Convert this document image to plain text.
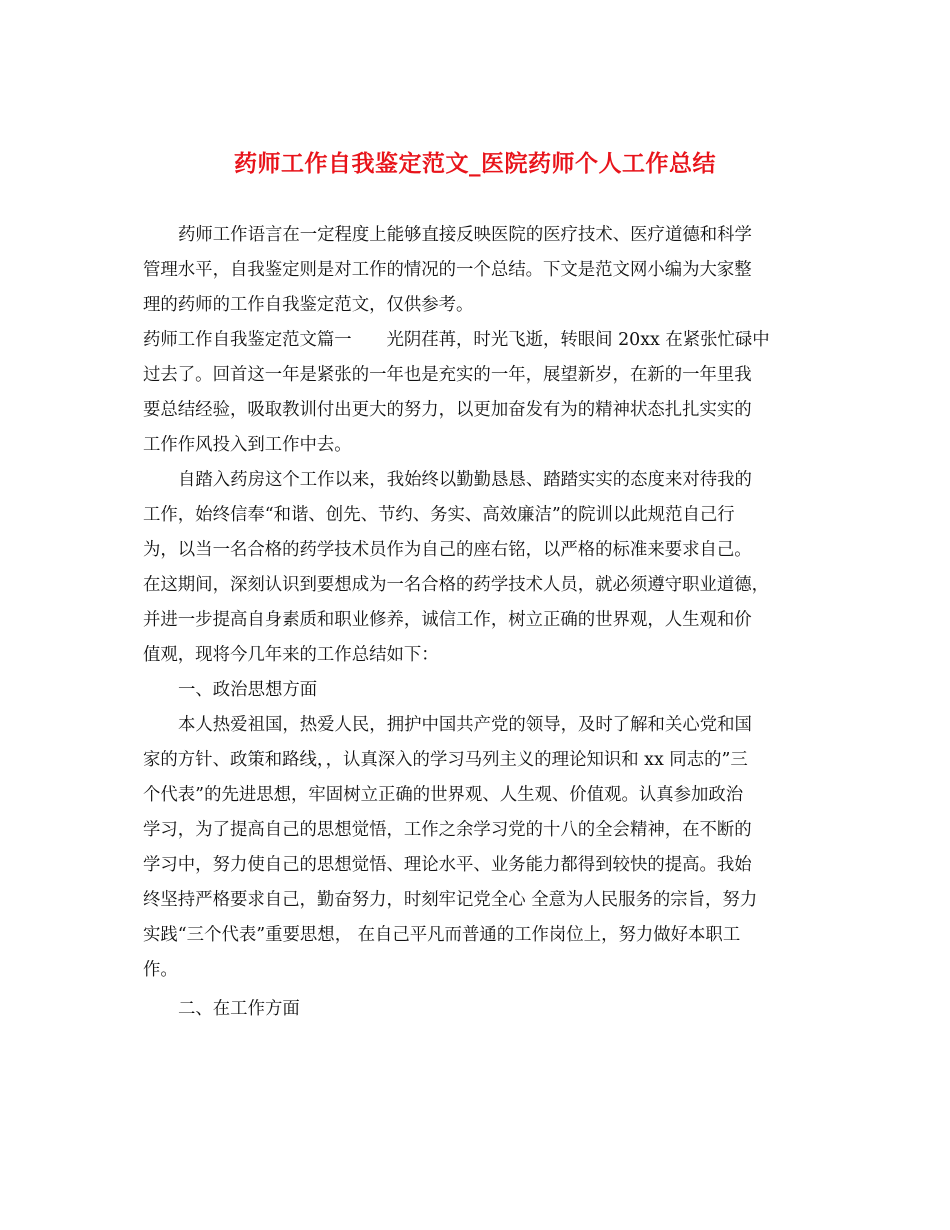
药师工作自我鉴定范文_医院药师个人工作总结
药师工作语言在一定程度上能够直接反映医院的医疗技术、医疗道德和科学
管理水平，自我鉴定则是对工作的情况的一个总结。下文是范文网小编为大家整
理的药师的工作自我鉴定范文，仅供参考。
药师工作自我鉴定范文篇一　　光阴荏苒，时光飞逝，转眼间 20xx 在紧张忙碌中
过去了。回首这一年是紧张的一年也是充实的一年，展望新岁，在新的一年里我
要总结经验，吸取教训付出更大的努力，以更加奋发有为的精神状态扎扎实实的
工作作风投入到工作中去。
自踏入药房这个工作以来，我始终以勤勤恳恳、踏踏实实的态度来对待我的
工作，始终信奉“和谐、创先、节约、务实、高效廉洁”的院训以此规范自己行
为，以当一名合格的药学技术员作为自己的座右铭，以严格的标准来要求自己。
在这期间，深刻认识到要想成为一名合格的药学技术人员，就必须遵守职业道德，
并进一步提高自身素质和职业修养，诚信工作，树立正确的世界观，人生观和价
值观，现将今几年来的工作总结如下：
一、政治思想方面
本人热爱祖国，热爱人民，拥护中国共产党的领导，及时了解和关心党和国
家的方针、政策和路线，，认真深入的学习马列主义的理论知识和 xx 同志的”三
个代表”的先进思想，牢固树立正确的世界观、人生观、价值观。认真参加政治
学习，为了提高自己的思想觉悟，工作之余学习党的十八的全会精神，在不断的
学习中，努力使自己的思想觉悟、理论水平、业务能力都得到较快的提高。我始
终坚持严格要求自己，勤奋努力，时刻牢记党全心 全意为人民服务的宗旨，努力
实践“三个代表”重要思想， 在自己平凡而普通的工作岗位上，努力做好本职工
作。
二、在工作方面
